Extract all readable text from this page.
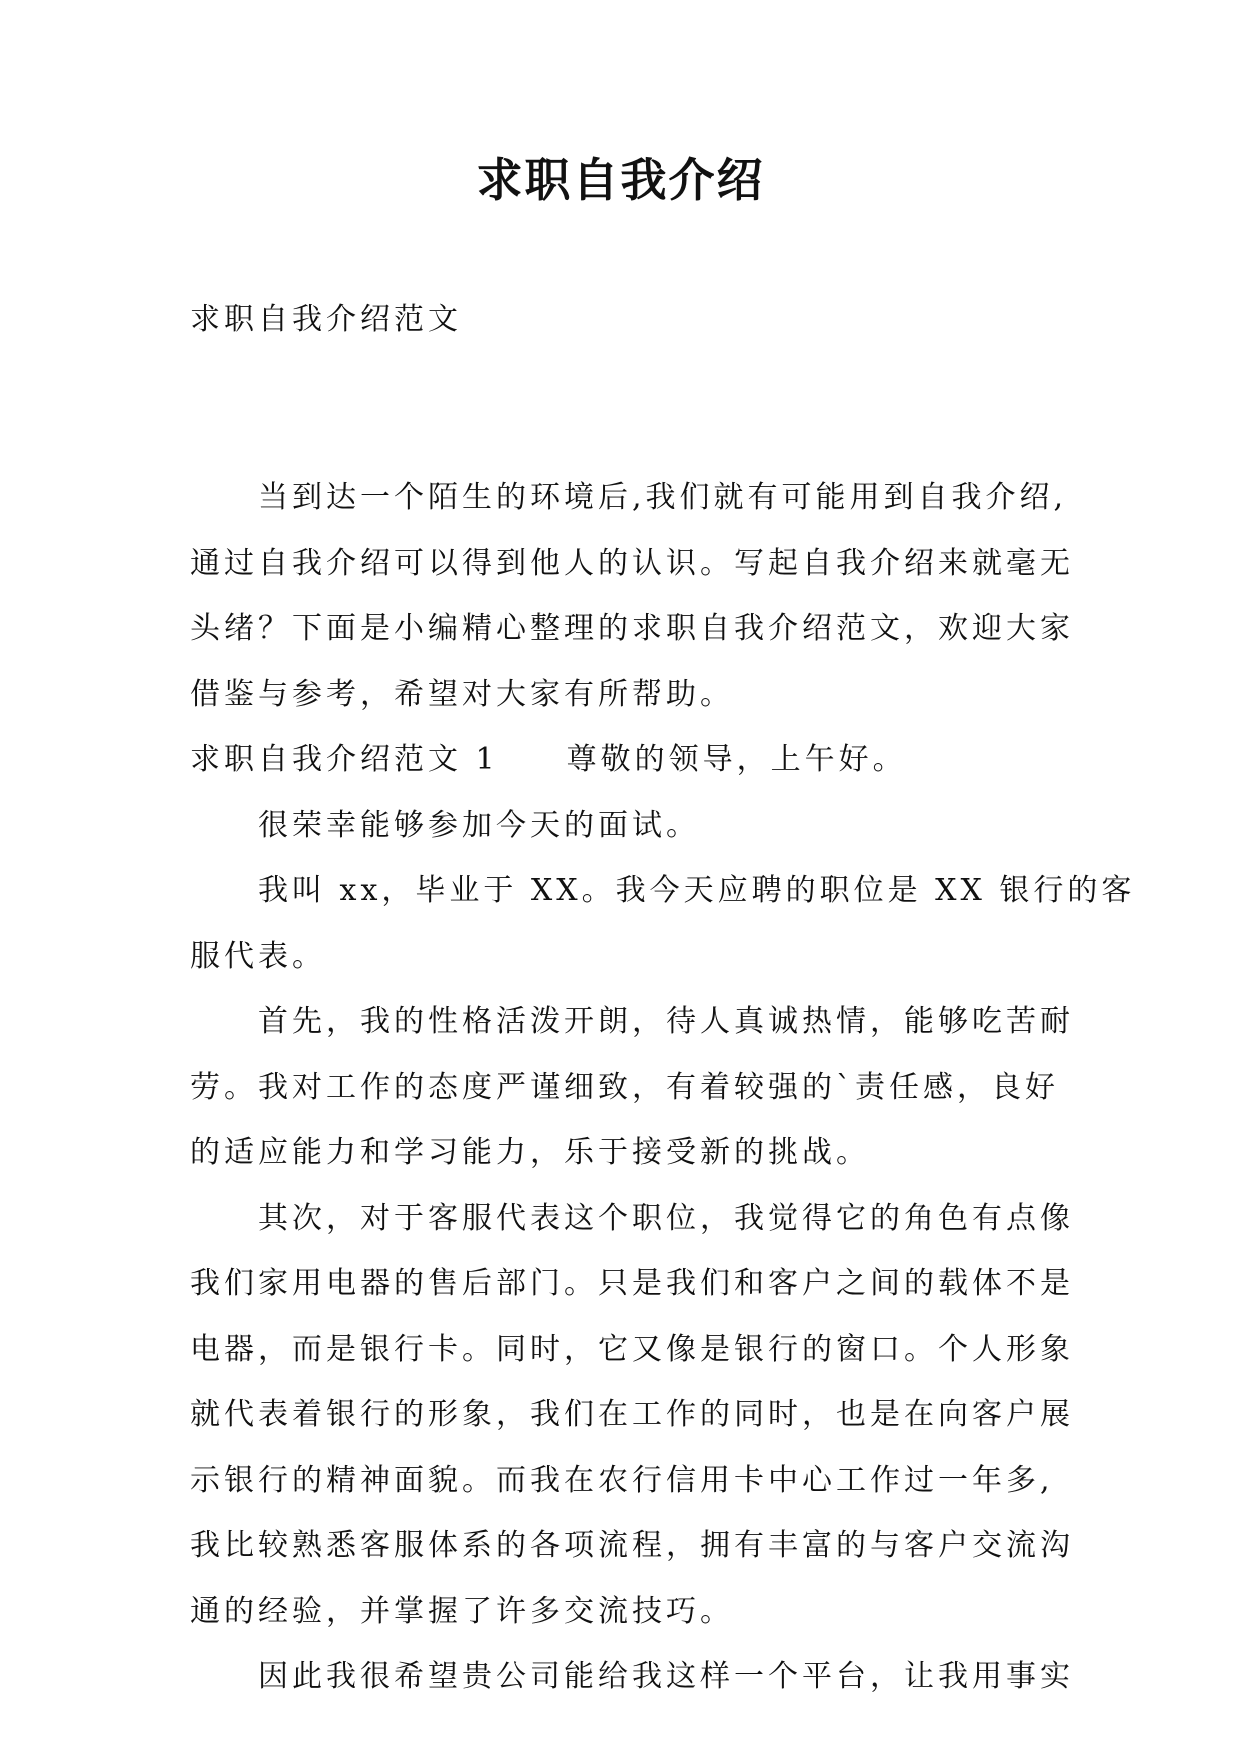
求职自我介绍
求职自我介绍范文
当到达一个陌生的环境后,我们就有可能用到自我介绍,
通过自我介绍可以得到他人的认识。写起自我介绍来就毫无
头绪？下面是小编精心整理的求职自我介绍范文，欢迎大家
借鉴与参考，希望对大家有所帮助。
求职自我介绍范文 1 尊敬的领导，上午好。
很荣幸能够参加今天的面试。
我叫 xx，毕业于 XX。我今天应聘的职位是 XX 银行的客
服代表。
首先，我的性格活泼开朗，待人真诚热情，能够吃苦耐
劳。我对工作的态度严谨细致，有着较强的`责任感，良好
的适应能力和学习能力，乐于接受新的挑战。
其次，对于客服代表这个职位，我觉得它的角色有点像
我们家用电器的售后部门。只是我们和客户之间的载体不是
电器，而是银行卡。同时，它又像是银行的窗口。个人形象
就代表着银行的形象，我们在工作的同时，也是在向客户展
示银行的精神面貌。而我在农行信用卡中心工作过一年多,
我比较熟悉客服体系的各项流程，拥有丰富的与客户交流沟
通的经验，并掌握了许多交流技巧。
因此我很希望贵公司能给我这样一个平台，让我用事实
